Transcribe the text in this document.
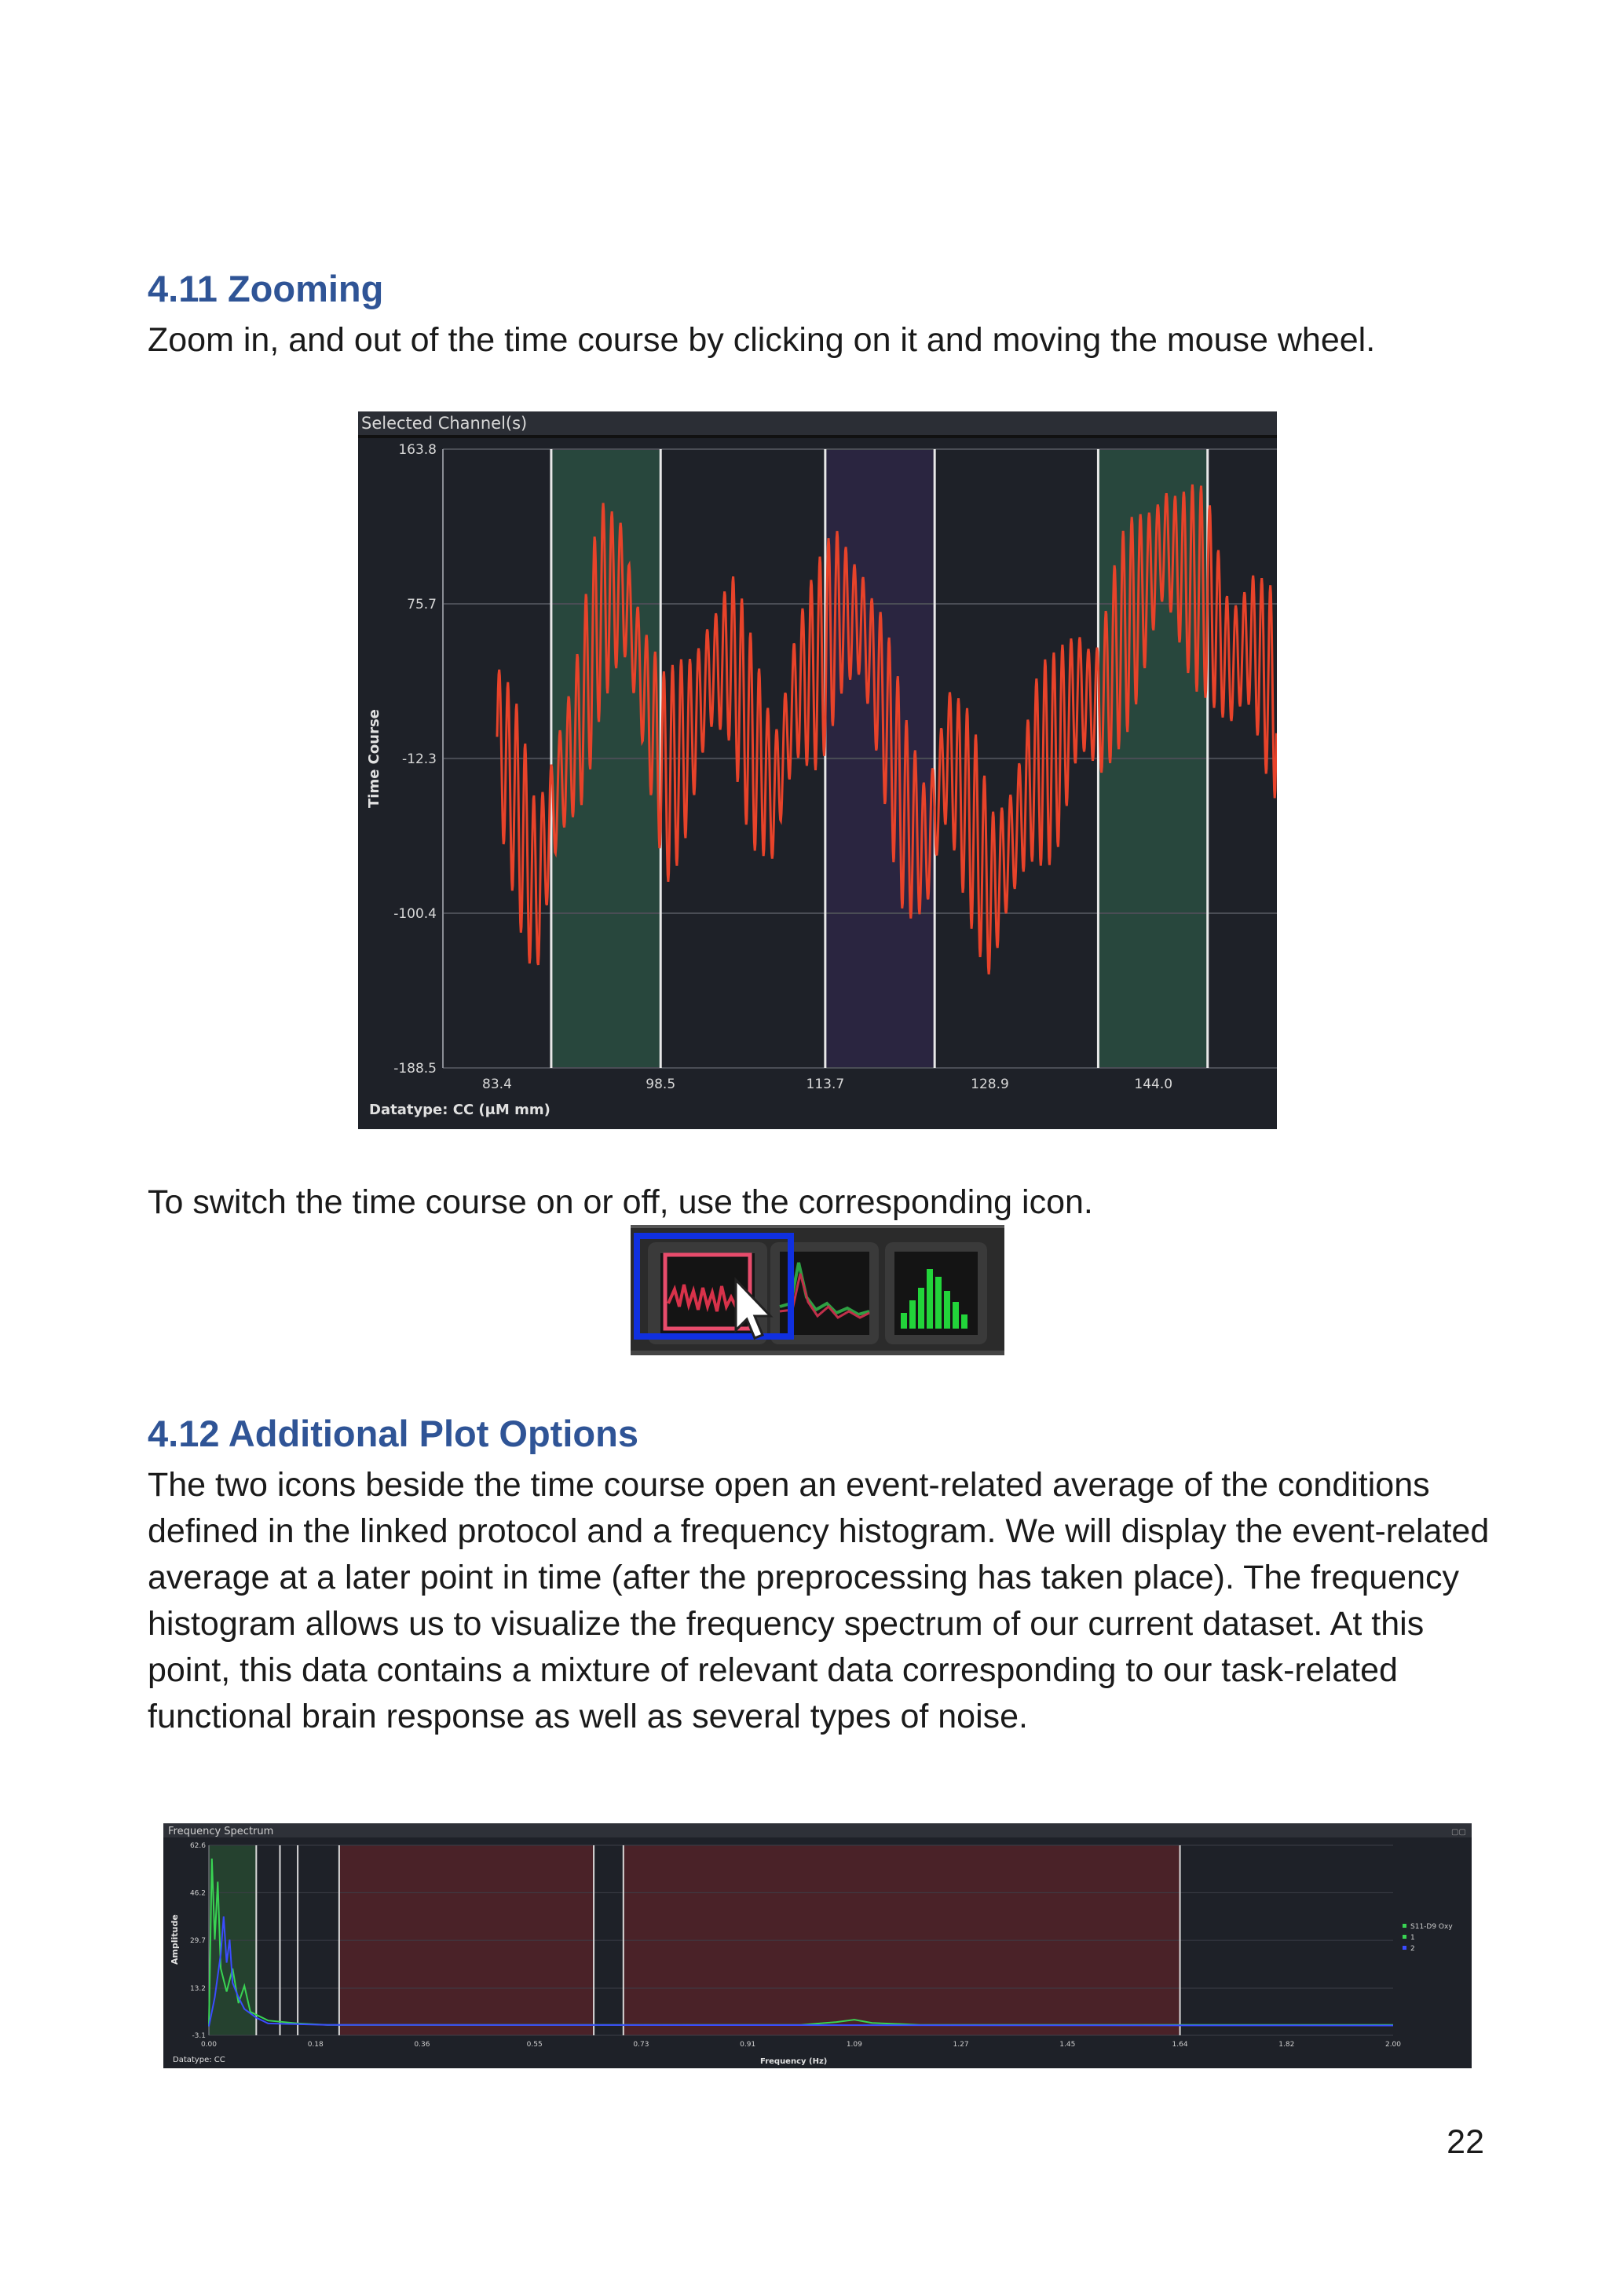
4.11 Zooming

Zoom in, and out of the time course by clicking on it and moving the mouse wheel.

Selected Channel(s)
163.8
75.7
-12.3
-100.4
-188.5
83.4	98.5	113.7	128.9	144.0
Time Course
Datatype: CC (μM mm)

To switch the time course on or off, use the corresponding icon.

4.12 Additional Plot Options

The two icons beside the time course open an event-related average of the conditions defined in the linked protocol and a frequency histogram. We will display the event-related average at a later point in time (after the preprocessing has taken place). The frequency histogram allows us to visualize the frequency spectrum of our current dataset. At this point, this data contains a mixture of relevant data corresponding to our task-related functional brain response as well as several types of noise.

Frequency Spectrum	▢▢
62.6
46.2
29.7
13.2
-3.1
0.00	0.18	0.36	0.55	0.73	0.91	1.09	1.27	1.45	1.64	1.82	2.00
Amplitude
Frequency (Hz)
Datatype: CC
S11-D9 Oxy
1
2
22
